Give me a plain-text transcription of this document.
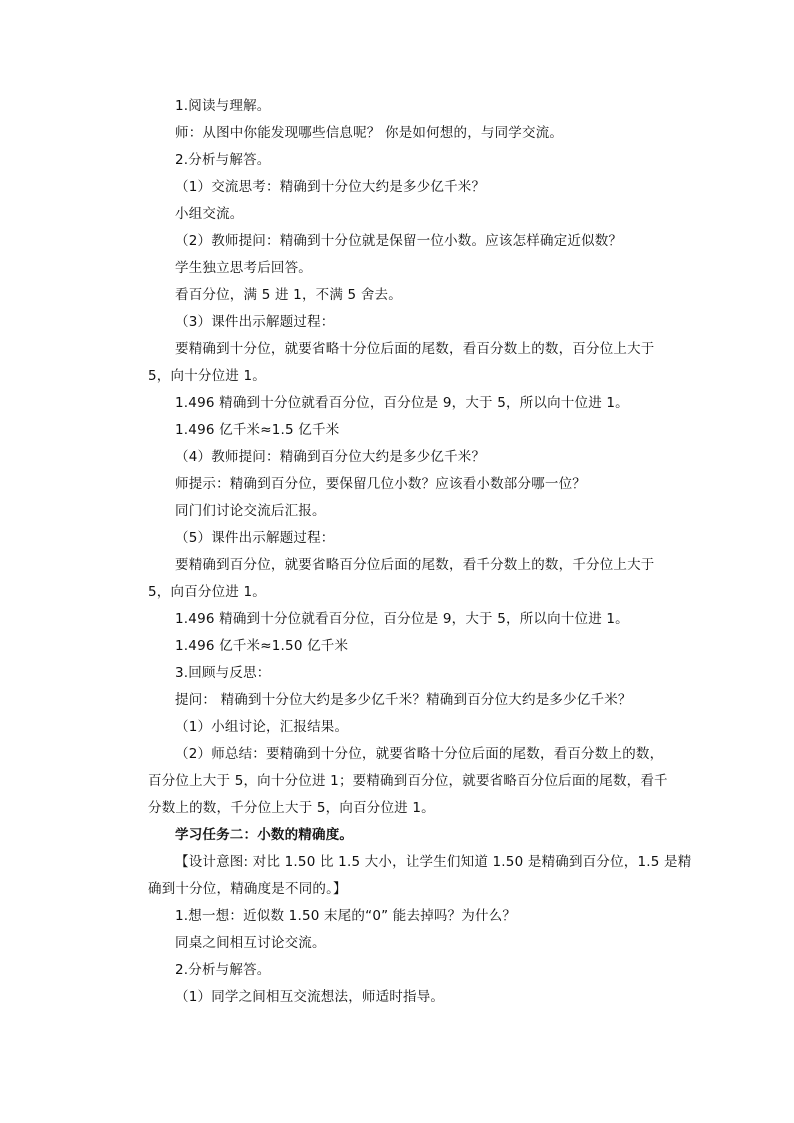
1.阅读与理解。
师：从图中你能发现哪些信息呢？ 你是如何想的，与同学交流。
2.分析与解答。
（1）交流思考：精确到十分位大约是多少亿千米？
小组交流。
（2）教师提问：精确到十分位就是保留一位小数。应该怎样确定近似数？
学生独立思考后回答。
看百分位，满 5 进 1，不满 5 舍去。
（3）课件出示解题过程：
要精确到十分位，就要省略十分位后面的尾数，看百分数上的数，百分位上大于
5，向十分位进 1。
1.496 精确到十分位就看百分位，百分位是 9，大于 5，所以向十位进 1。
1.496 亿千米≈1.5 亿千米
（4）教师提问：精确到百分位大约是多少亿千米？
师提示：精确到百分位，要保留几位小数？应该看小数部分哪一位？
同门们讨论交流后汇报。
（5）课件出示解题过程：
要精确到百分位，就要省略百分位后面的尾数，看千分数上的数，千分位上大于
5，向百分位进 1。
1.496 精确到十分位就看百分位，百分位是 9，大于 5，所以向十位进 1。
1.496 亿千米≈1.50 亿千米
3.回顾与反思：
提问： 精确到十分位大约是多少亿千米？精确到百分位大约是多少亿千米？
（1）小组讨论，汇报结果。
（2）师总结：要精确到十分位，就要省略十分位后面的尾数，看百分数上的数，
百分位上大于 5，向十分位进 1；要精确到百分位，就要省略百分位后面的尾数，看千
分数上的数，千分位上大于 5，向百分位进 1。
学习任务二：小数的精确度。
【设计意图: 对比 1.50 比 1.5 大小，让学生们知道 1.50 是精确到百分位，1.5 是精
确到十分位，精确度是不同的。】
1.想一想：近似数 1.50 末尾的“0” 能去掉吗？为什么？
同桌之间相互讨论交流。
2.分析与解答。
（1）同学之间相互交流想法，师适时指导。
